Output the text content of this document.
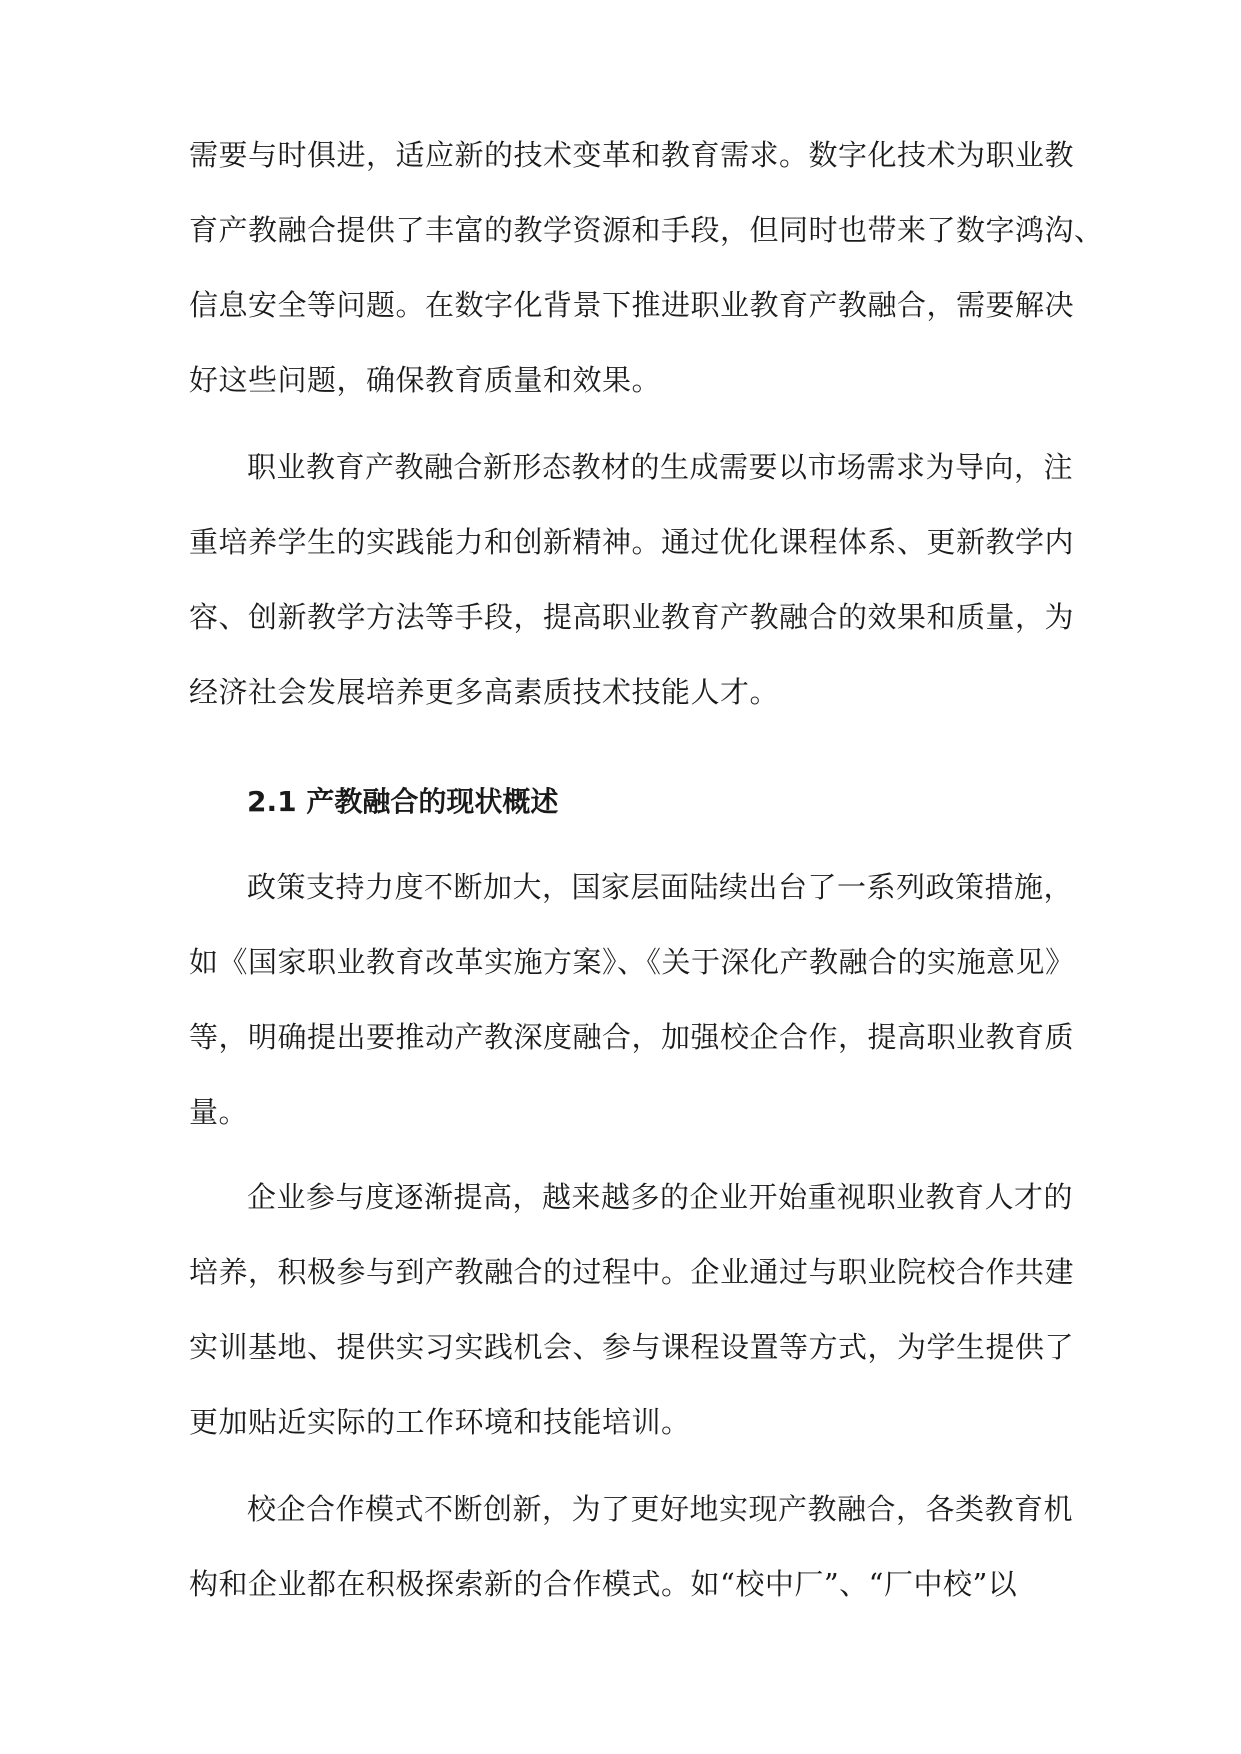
需要与时俱进，适应新的技术变革和教育需求。数字化技术为职业教
育产教融合提供了丰富的教学资源和手段，但同时也带来了数字鸿沟、
信息安全等问题。在数字化背景下推进职业教育产教融合，需要解决
好这些问题，确保教育质量和效果。
职业教育产教融合新形态教材的生成需要以市场需求为导向，注
重培养学生的实践能力和创新精神。通过优化课程体系、更新教学内
容、创新教学方法等手段，提高职业教育产教融合的效果和质量，为
经济社会发展培养更多高素质技术技能人才。
2.1 产教融合的现状概述
政策支持力度不断加大，国家层面陆续出台了一系列政策措施，
如《国家职业教育改革实施方案》、《关于深化产教融合的实施意见》
等，明确提出要推动产教深度融合，加强校企合作，提高职业教育质
量。
企业参与度逐渐提高，越来越多的企业开始重视职业教育人才的
培养，积极参与到产教融合的过程中。企业通过与职业院校合作共建
实训基地、提供实习实践机会、参与课程设置等方式，为学生提供了
更加贴近实际的工作环境和技能培训。
校企合作模式不断创新，为了更好地实现产教融合，各类教育机
构和企业都在积极探索新的合作模式。如“校中厂”、“厂中校”以
